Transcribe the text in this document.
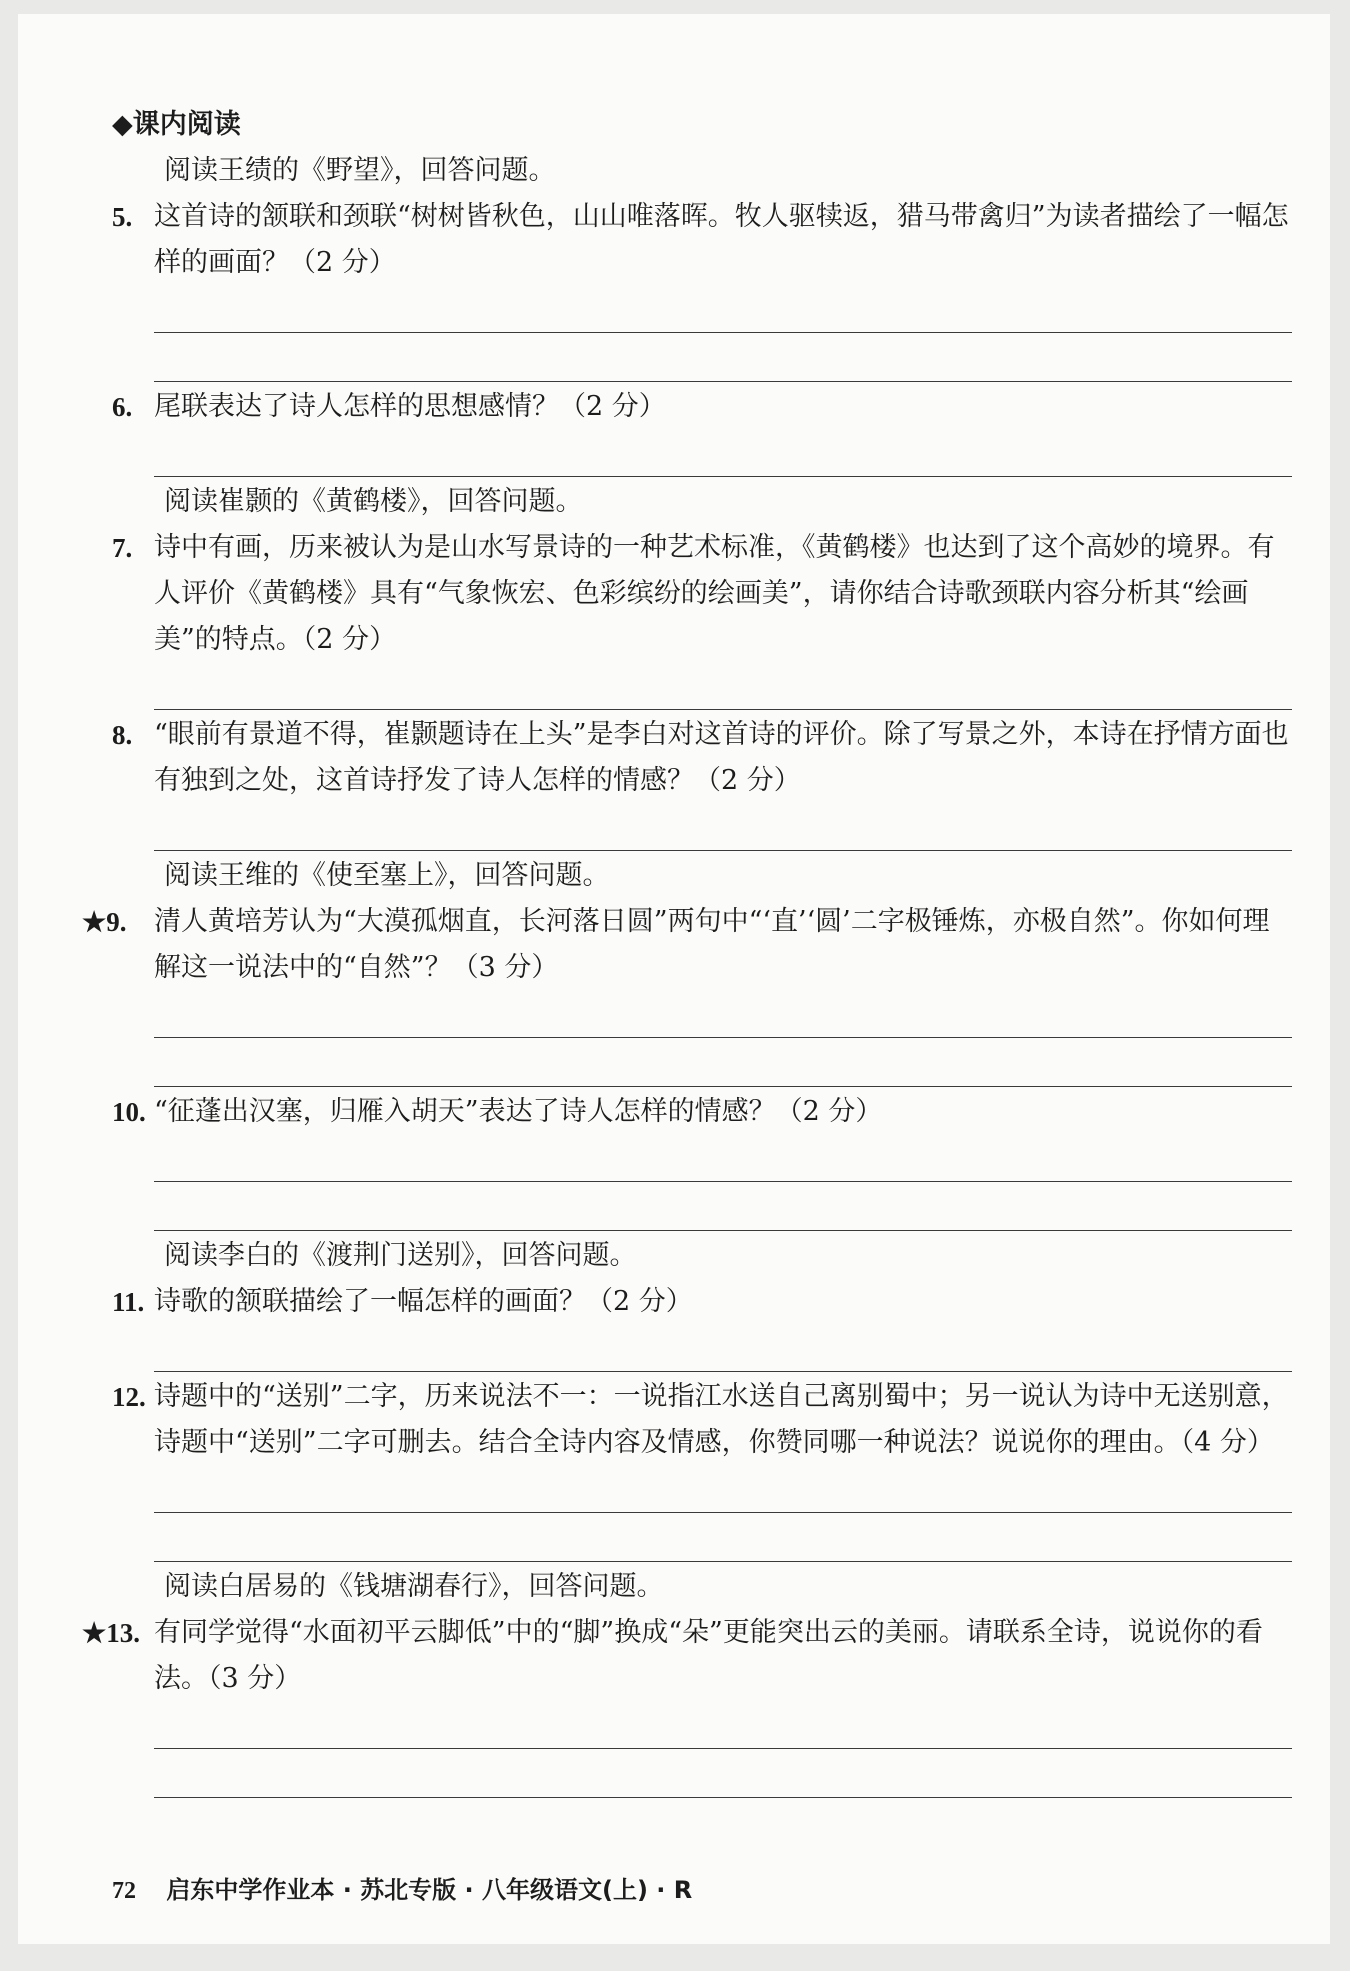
◆课内阅读
阅读王绩的《野望》，回答问题。
5. 这首诗的颔联和颈联“树树皆秋色，山山唯落晖。牧人驱犊返，猎马带禽归”为读者描绘了一幅怎样的画面？（2 分）
6. 尾联表达了诗人怎样的思想感情？（2 分）
阅读崔颢的《黄鹤楼》，回答问题。
7. 诗中有画，历来被认为是山水写景诗的一种艺术标准，《黄鹤楼》也达到了这个高妙的境界。有人评价《黄鹤楼》具有“气象恢宏、色彩缤纷的绘画美”，请你结合诗歌颈联内容分析其“绘画美”的特点。（2 分）
8. “眼前有景道不得，崔颢题诗在上头”是李白对这首诗的评价。除了写景之外，本诗在抒情方面也有独到之处，这首诗抒发了诗人怎样的情感？（2 分）
阅读王维的《使至塞上》，回答问题。
★9. 清人黄培芳认为“大漠孤烟直，长河落日圆”两句中“‘直’‘圆’二字极锤炼，亦极自然”。你如何理解这一说法中的“自然”？（3 分）
10. “征蓬出汉塞，归雁入胡天”表达了诗人怎样的情感？（2 分）
阅读李白的《渡荆门送别》，回答问题。
11. 诗歌的颔联描绘了一幅怎样的画面？（2 分）
12. 诗题中的“送别”二字，历来说法不一：一说指江水送自己离别蜀中；另一说认为诗中无送别意，诗题中“送别”二字可删去。结合全诗内容及情感，你赞同哪一种说法？说说你的理由。（4 分）
阅读白居易的《钱塘湖春行》，回答问题。
★13. 有同学觉得“水面初平云脚低”中的“脚”换成“朵”更能突出云的美丽。请联系全诗，说说你的看法。（3 分）
72 启东中学作业本 · 苏北专版 · 八年级语文(上) · R
